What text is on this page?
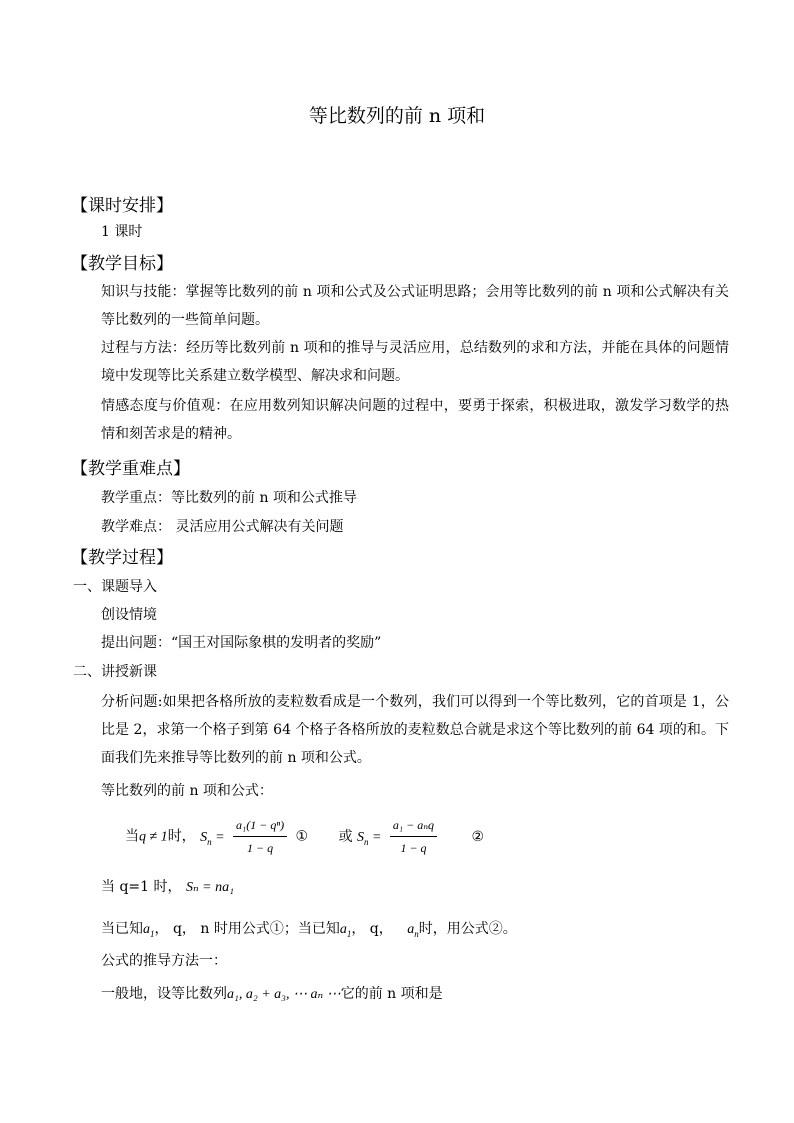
等比数列的前 n 项和
【课时安排】
1 课时
【教学目标】
知识与技能：掌握等比数列的前 n 项和公式及公式证明思路；会用等比数列的前 n 项和公式解决有关等比数列的一些简单问题。
过程与方法：经历等比数列前 n 项和的推导与灵活应用，总结数列的求和方法，并能在具体的问题情境中发现等比关系建立数学模型、解决求和问题。
情感态度与价值观：在应用数列知识解决问题的过程中，要勇于探索，积极进取，激发学习数学的热情和刻苦求是的精神。
【教学重难点】
教学重点：等比数列的前 n 项和公式推导
教学难点： 灵活应用公式解决有关问题
【教学过程】
一、课题导入
创设情境
提出问题：“国王对国际象棋的发明者的奖励”
二、讲授新课
分析问题:如果把各格所放的麦粒数看成是一个数列，我们可以得到一个等比数列，它的首项是 1，公比是 2，求第一个格子到第 64 个格子各格所放的麦粒数总合就是求这个等比数列的前 64 项的和。下面我们先来推导等比数列的前 n 项和公式。
等比数列的前 n 项和公式：
当q ≠ 1时， $S_n = \frac{\text{a₁(1 − qⁿ)}}{1 - q}$ ① 或 $S_n = \frac{\text{a₁ − aₙq}}{1 - q}$ ②
当 q=1 时， Sₙ = na₁
当已知$a_1$， q， n 时用公式①；当已知$a_1$， q， $a_n$时，用公式②。
公式的推导方法一：
一般地，设等比数列a₁, a₂ + a₃, ⋯ aₙ ⋯它的前 n 项和是
